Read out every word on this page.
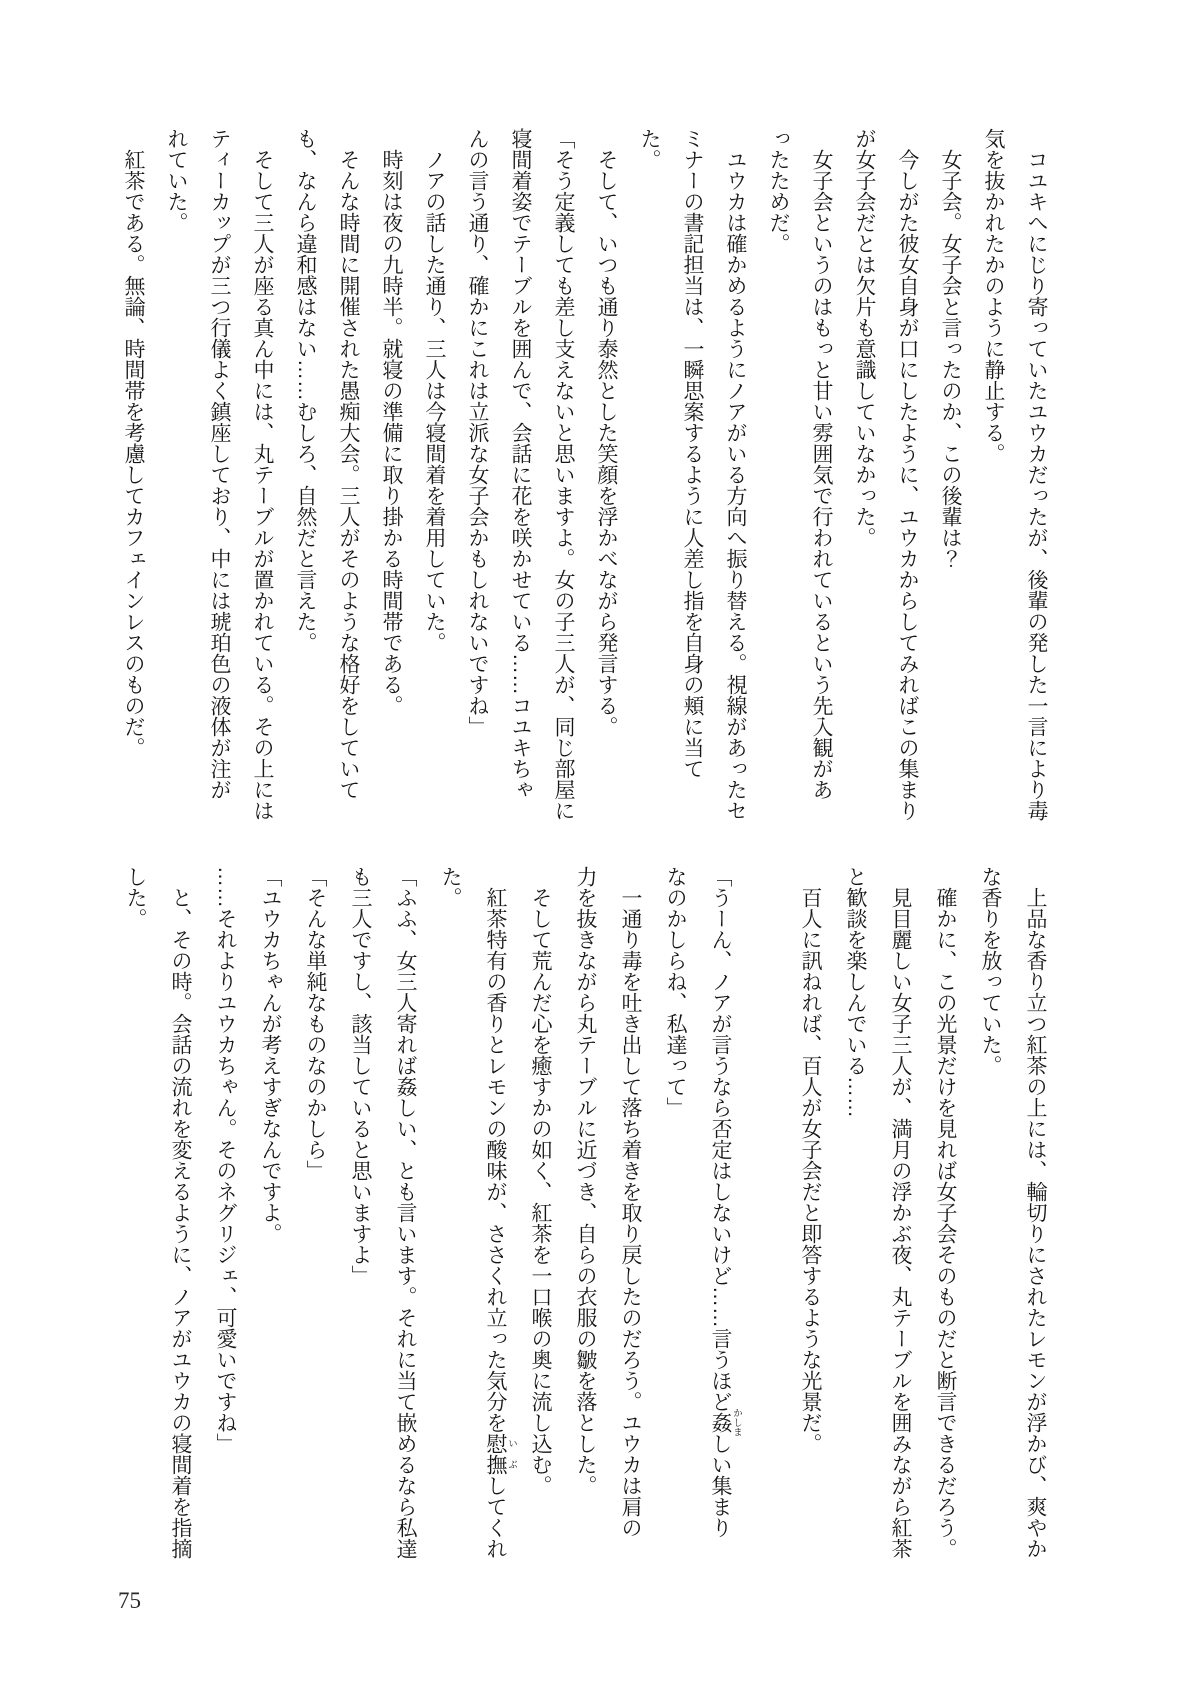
　コユキへにじり寄っていたユウカだったが、後輩の発した一言により毒
気を抜かれたかのように静止する。
　女子会。女子会と言ったのか、この後輩は？
　今しがた彼女自身が口にしたように、ユウカからしてみればこの集まり
が女子会だとは欠片も意識していなかった。
　女子会というのはもっと甘い雰囲気で行われているという先入観があ
ったためだ。
　ユウカは確かめるようにノアがいる方向へ振り替える。視線があったセ
ミナーの書記担当は、一瞬思案するように人差し指を自身の頬に当て
た。
　そして、いつも通り泰然とした笑顔を浮かべながら発言する。
「そう定義しても差し支えないと思いますよ。女の子三人が、同じ部屋に
寝間着姿でテーブルを囲んで、会話に花を咲かせている……コユキちゃ
んの言う通り、確かにこれは立派な女子会かもしれないですね」
　ノアの話した通り、三人は今寝間着を着用していた。
　時刻は夜の九時半。就寝の準備に取り掛かる時間帯である。
　そんな時間に開催された愚痴大会。三人がそのような格好をしていて
も、なんら違和感はない……むしろ、自然だと言えた。
　そして三人が座る真ん中には、丸テーブルが置かれている。その上には
ティーカップが三つ行儀よく鎮座しており、中には琥珀色の液体が注が
れていた。
　紅茶である。無論、時間帯を考慮してカフェインレスのものだ。
　上品な香り立つ紅茶の上には、輪切りにされたレモンが浮かび、爽やか
な香りを放っていた。
　確かに、この光景だけを見れば女子会そのものだと断言できるだろう。
　見目麗しい女子三人が、満月の浮かぶ夜、丸テーブルを囲みながら紅茶
と歓談を楽しんでいる……
　百人に訊ねれば、百人が女子会だと即答するような光景だ。

「うーん、ノアが言うなら否定はしないけど……言うほど姦 かしましい集まり
なのかしらね、私達って」
　一通り毒を吐き出して落ち着きを取り戻したのだろう。ユウカは肩の
力を抜きながら丸テーブルに近づき、自らの衣服の皺を落とした。
　そして荒んだ心を癒すかの如く、紅茶を一口喉の奥に流し込む。
　紅茶特有の香りとレモンの酸味が、ささくれ立った気分を慰撫 いぶしてくれ
た。
「ふふ、女三人寄れば姦しい、とも言います。それに当て嵌めるなら私達
も三人ですし、該当していると思いますよ」
「そんな単純なものなのかしら」
「ユウカちゃんが考えすぎなんですよ。
……それよりユウカちゃん。そのネグリジェ、可愛いですね」
　と、その時。会話の流れを変えるように、ノアがユウカの寝間着を指摘
した。
75
